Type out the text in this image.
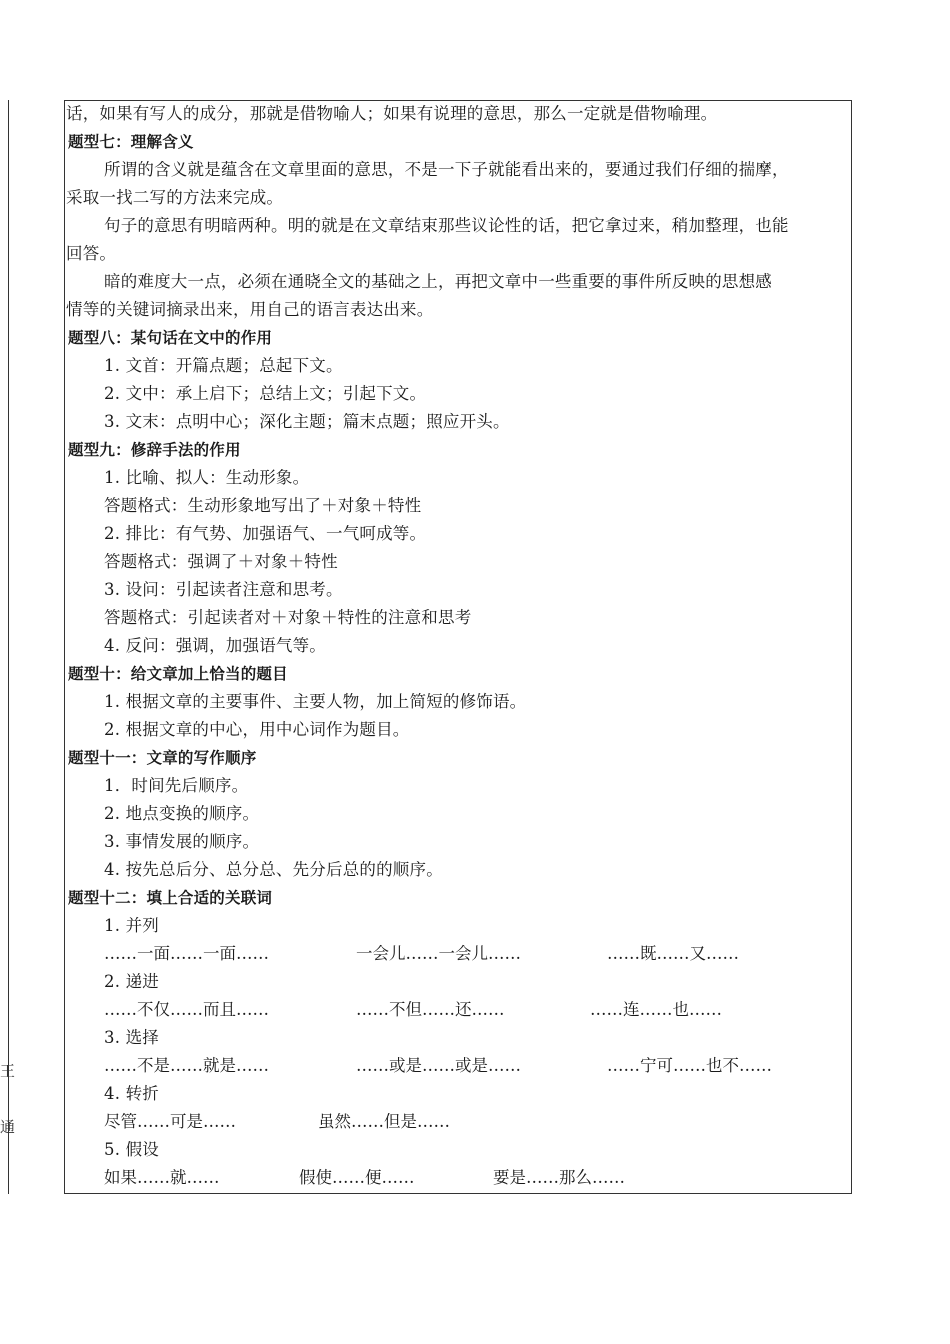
王
通
话，如果有写人的成分，那就是借物喻人；如果有说理的意思，那么一定就是借物喻理。
题型七：理解含义
所谓的含义就是蕴含在文章里面的意思，不是一下子就能看出来的，要通过我们仔细的揣摩，
采取一找二写的方法来完成。
句子的意思有明暗两种。明的就是在文章结束那些议论性的话，把它拿过来，稍加整理，也能
回答。
暗的难度大一点，必须在通晓全文的基础之上，再把文章中一些重要的事件所反映的思想感
情等的关键词摘录出来，用自己的语言表达出来。
题型八：某句话在文中的作用
1. 文首：开篇点题；总起下文。
2. 文中：承上启下；总结上文；引起下文。
3. 文末：点明中心；深化主题；篇末点题；照应开头。
题型九：修辞手法的作用
1. 比喻、拟人：生动形象。
答题格式：生动形象地写出了＋对象＋特性
2. 排比：有气势、加强语气、一气呵成等。
答题格式：强调了＋对象＋特性
3. 设问：引起读者注意和思考。
答题格式：引起读者对＋对象＋特性的注意和思考
4. 反问：强调，加强语气等。
题型十：给文章加上恰当的题目
1. 根据文章的主要事件、主要人物，加上简短的修饰语。
2. 根据文章的中心，用中心词作为题目。
题型十一：文章的写作顺序
1．时间先后顺序。
2. 地点变换的顺序。
3. 事情发展的顺序。
4. 按先总后分、总分总、先分后总的的顺序。
题型十二：填上合适的关联词
1. 并列
……一面……一面……	一会儿……一会儿……	……既……又……
2. 递进
……不仅……而且……	……不但……还……	……连……也……
3. 选择
……不是……就是……	……或是……或是……	……宁可……也不……
4. 转折
尽管……可是……	虽然……但是……
5. 假设
如果……就……	假使……便……	要是……那么……
